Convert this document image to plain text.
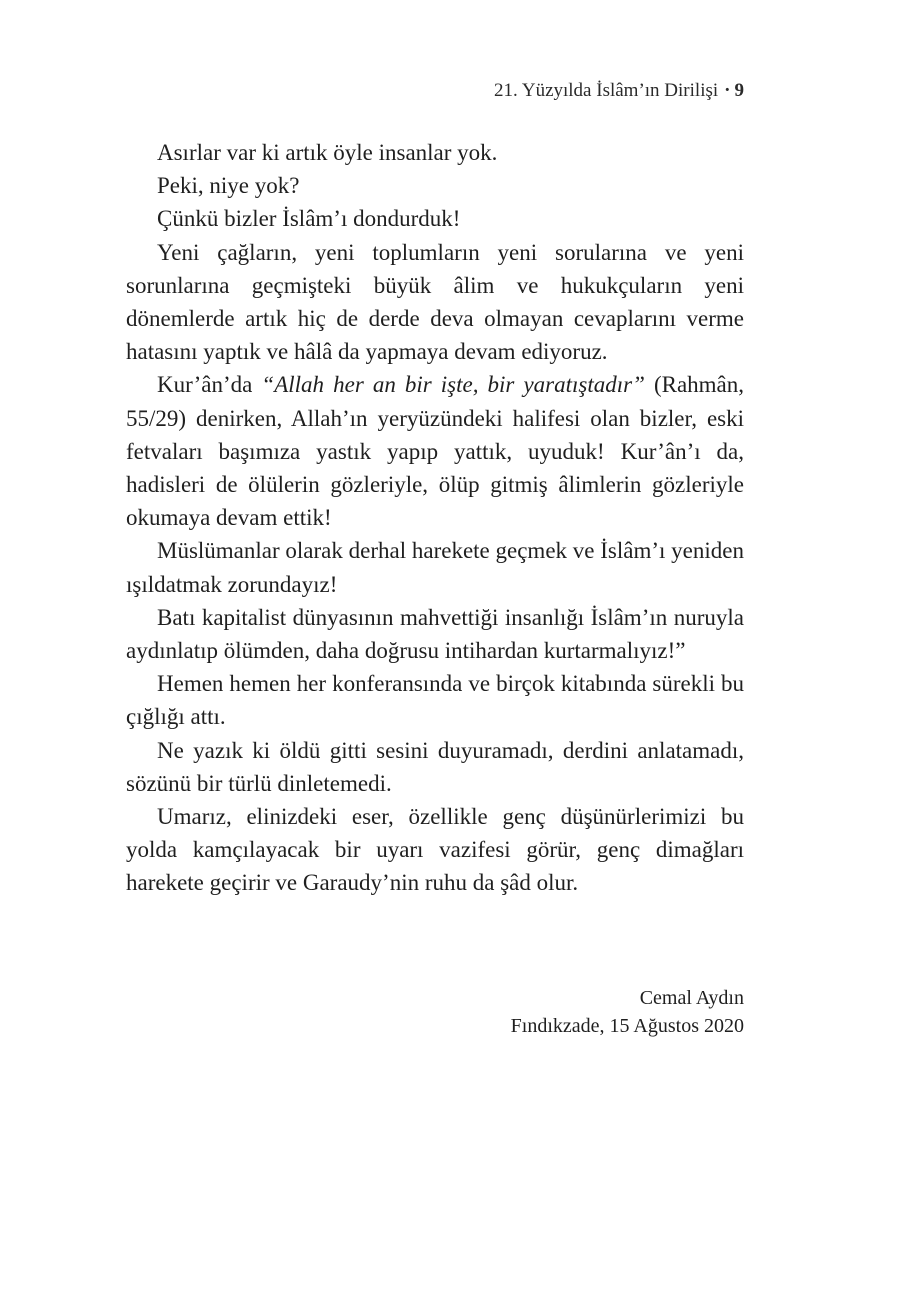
21. Yüzyılda İslâm’ın Dirilişi · 9

Asırlar var ki artık öyle insanlar yok.

Peki, niye yok?

Çünkü bizler İslâm’ı dondurduk!

Yeni çağların, yeni toplumların yeni sorularına ve yeni sorunlarına geçmişteki büyük âlim ve hukukçuların yeni dönemlerde artık hiç de derde deva olmayan cevaplarını verme hatasını yaptık ve hâlâ da yapmaya devam ediyoruz.

Kur’ân’da “Allah her an bir işte, bir yaratıştadır” (Rahmân, 55/29) denirken, Allah’ın yeryüzündeki halifesi olan bizler, eski fetvaları başımıza yastık yapıp yattık, uyuduk! Kur’ân’ı da, hadisleri de ölülerin gözleriyle, ölüp gitmiş âlimlerin gözleriyle okumaya devam ettik!

Müslümanlar olarak derhal harekete geçmek ve İslâm’ı yeniden ışıldatmak zorundayız!

Batı kapitalist dünyasının mahvettiği insanlığı İslâm’ın nuruyla aydınlatıp ölümden, daha doğrusu intihardan kurtarmalıyız!”

Hemen hemen her konferansında ve birçok kitabında sürekli bu çığlığı attı.

Ne yazık ki öldü gitti sesini duyuramadı, derdini anlatamadı, sözünü bir türlü dinletemedi.

Umarız, elinizdeki eser, özellikle genç düşünürlerimizi bu yolda kamçılayacak bir uyarı vazifesi görür, genç dimağları harekete geçirir ve Garaudy’nin ruhu da şâd olur.

Cemal Aydın
Fındıkzade, 15 Ağustos 2020
